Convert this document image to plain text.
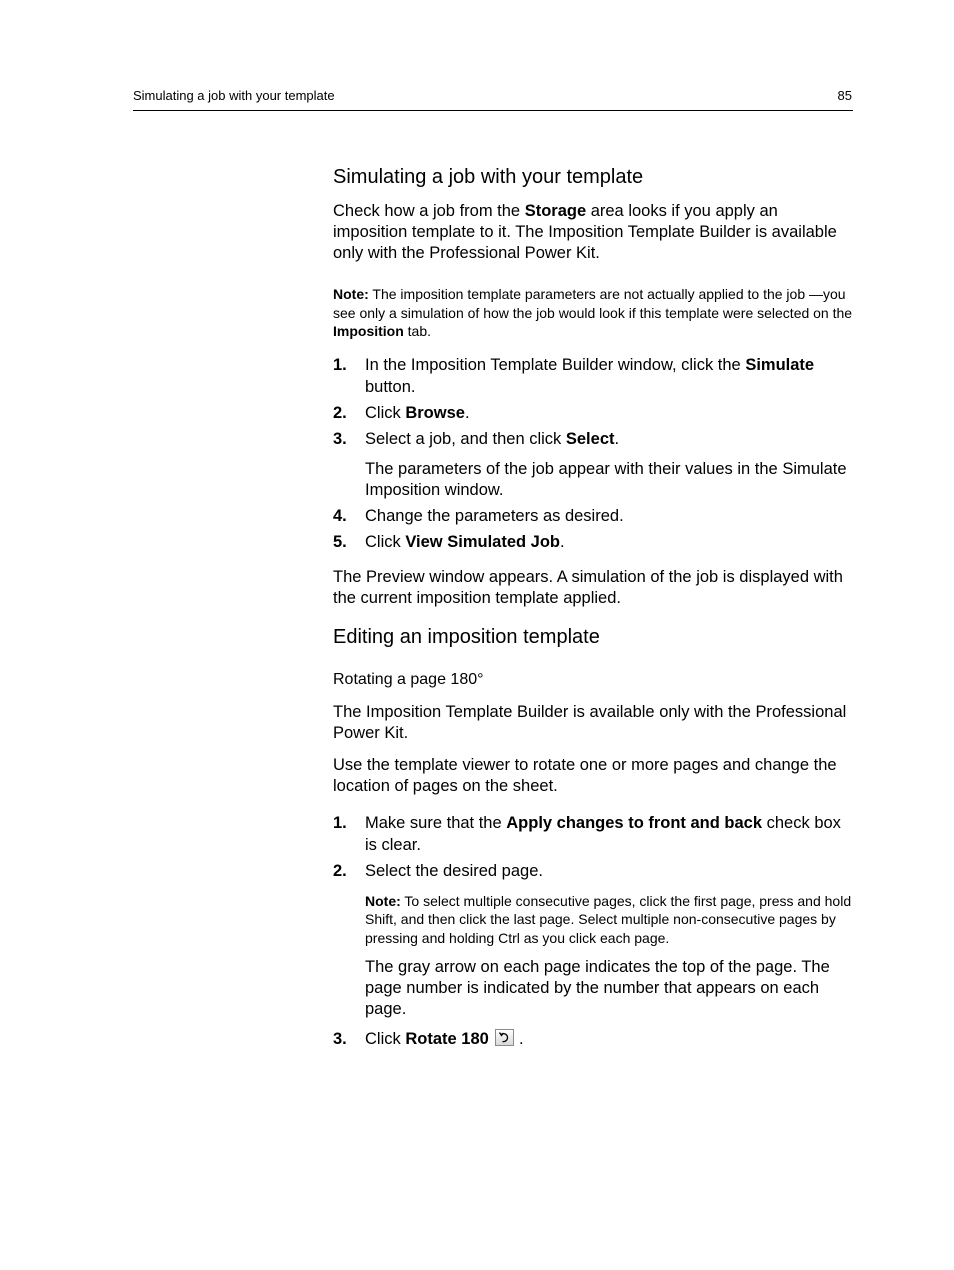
Simulating a job with your template	85
Simulating a job with your template

Check how a job from the Storage area looks if you apply an imposition template to it. The Imposition Template Builder is available only with the Professional Power Kit.

Note: The imposition template parameters are not actually applied to the job —you see only a simulation of how the job would look if this template were selected on the Imposition tab.

1. In the Imposition Template Builder window, click the Simulate button.
2. Click Browse.
3. Select a job, and then click Select.

The parameters of the job appear with their values in the Simulate Imposition window.

4. Change the parameters as desired.
5. Click View Simulated Job.

The Preview window appears. A simulation of the job is displayed with the current imposition template applied.

Editing an imposition template
Rotating a page 180°

The Imposition Template Builder is available only with the Professional Power Kit.

Use the template viewer to rotate one or more pages and change the location of pages on the sheet.

1. Make sure that the Apply changes to front and back check box is clear.
2. Select the desired page.

Note: To select multiple consecutive pages, click the first page, press and hold Shift, and then click the last page. Select multiple non-consecutive pages by pressing and holding Ctrl as you click each page.

The gray arrow on each page indicates the top of the page. The page number is indicated by the number that appears on each page.

3. Click Rotate 180
.
